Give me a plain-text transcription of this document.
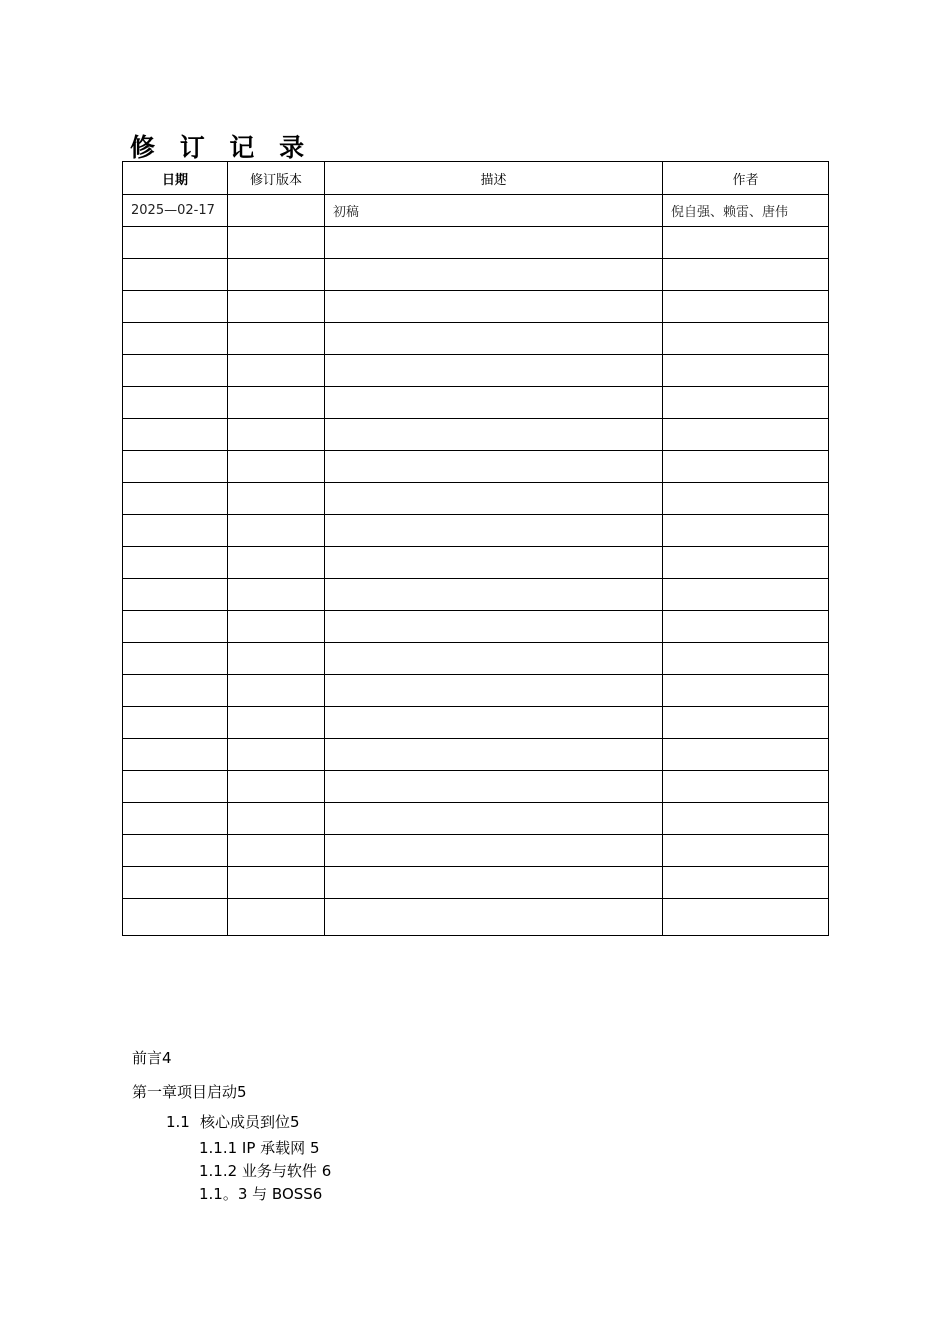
修 订 记 录
日期	修订版本	描述	作者
2025—02-17		初稿	倪自强、赖雷、唐伟

前言4
第一章项目启动5
1.1 核心成员到位5
1.1.1 IP 承载网 5
1.1.2 业务与软件 6
1.1。3 与 BOSS6
